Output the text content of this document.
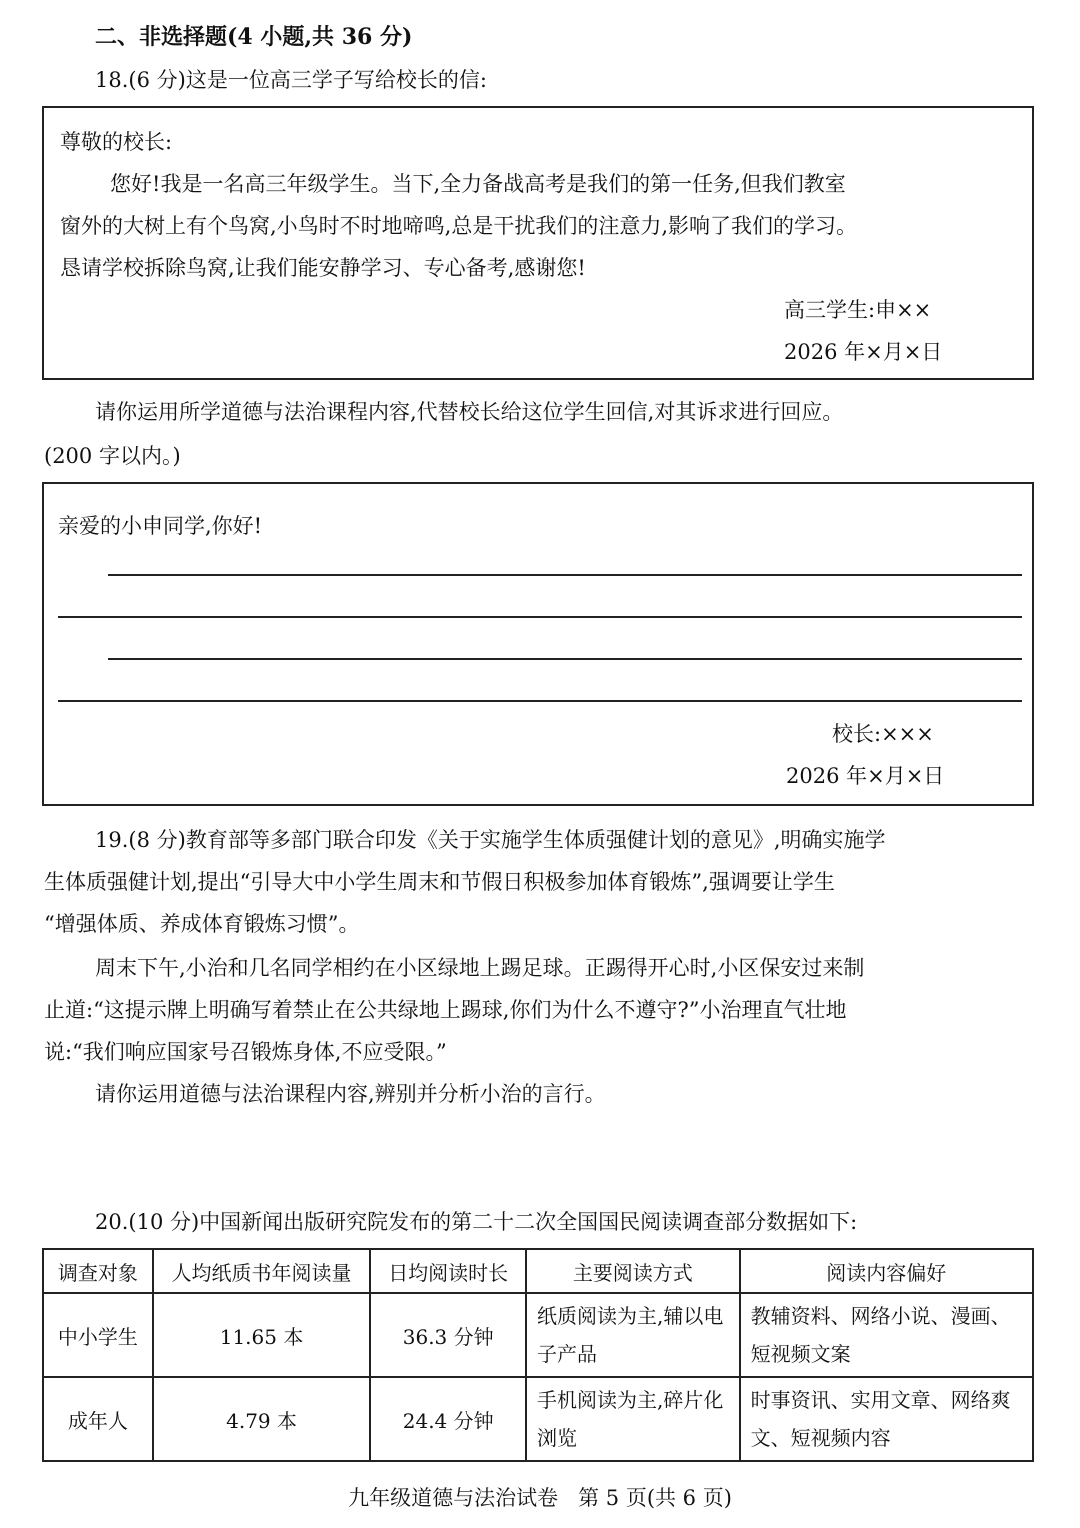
二、非选择题(4 小题,共 36 分)
18.(6 分)这是一位高三学子写给校长的信:
尊敬的校长:
您好!我是一名高三年级学生。当下,全力备战高考是我们的第一任务,但我们教室
窗外的大树上有个鸟窝,小鸟时不时地啼鸣,总是干扰我们的注意力,影响了我们的学习。
恳请学校拆除鸟窝,让我们能安静学习、专心备考,感谢您!
高三学生:申××
2026 年×月×日
请你运用所学道德与法治课程内容,代替校长给这位学生回信,对其诉求进行回应。
(200 字以内。)
亲爱的小申同学,你好!
校长:×××
2026 年×月×日
19.(8 分)教育部等多部门联合印发《关于实施学生体质强健计划的意见》,明确实施学
生体质强健计划,提出“引导大中小学生周末和节假日积极参加体育锻炼”,强调要让学生
“增强体质、养成体育锻炼习惯”。
周末下午,小治和几名同学相约在小区绿地上踢足球。正踢得开心时,小区保安过来制
止道:“这提示牌上明确写着禁止在公共绿地上踢球,你们为什么不遵守?”小治理直气壮地
说:“我们响应国家号召锻炼身体,不应受限。”
请你运用道德与法治课程内容,辨别并分析小治的言行。
20.(10 分)中国新闻出版研究院发布的第二十二次全国国民阅读调查部分数据如下:
调查对象	人均纸质书年阅读量	日均阅读时长	主要阅读方式	阅读内容偏好
中小学生	11.65 本	36.3 分钟	纸质阅读为主,辅以电子产品	教辅资料、网络小说、漫画、短视频文案
成年人	4.79 本	24.4 分钟	手机阅读为主,碎片化浏览	时事资讯、实用文章、网络爽文、短视频内容
九年级道德与法治试卷   第 5 页(共 6 页)
